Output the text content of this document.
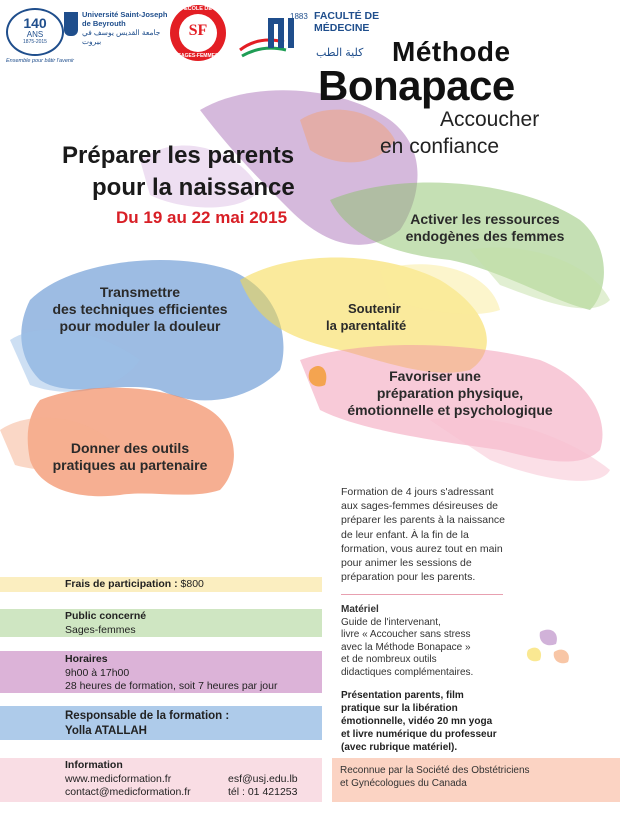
140
ANS
1875-2015
Université Saint-Joseph
de Beyrouth
جامعة القديس يوسف في بيروت
Ensemble pour bâtir l'avenir
ÉCOLE DE
SF
SAGES-FEMMES
1883 FACULTÉ DE
MÉDECINE
كلية الطب Méthode
Bonapace
Accoucher
en confiance
Préparer les parents
pour la naissance
Du 19 au 22 mai 2015	Activer les ressources
endogènes des femmes
Transmettre
des techniques efficientes
pour moduler la douleur
Soutenir
la parentalité
Favoriser une
préparation physique,
émotionnelle et psychologique
Donner des outils
pratiques au partenaire
Formation de 4 jours s'adressant
aux sages-femmes désireuses de
préparer les parents à la naissance
de leur enfant. À la fin de la
formation, vous aurez tout en main
pour animer les sessions de
préparation pour les parents.
Frais de participation : $800
Public concerné
Sages-femmes
Horaires
9h00 à 17h00
28 heures de formation, soit 7 heures par jour
Responsable de la formation :
Yolla ATALLAH
Information
www.medicformation.fr	esf@usj.edu.lb
contact@medicformation.fr	tél : 01 421253
Reconnue par la Société des Obstétriciens
et Gynécologues du Canada
Matériel
Guide de l'intervenant,
livre « Accoucher sans stress
avec la Méthode Bonapace »
et de nombreux outils
didactiques complémentaires.
Présentation parents, film
pratique sur la libération
émotionnelle, vidéo 20 mn yoga
et livre numérique du professeur
(avec rubrique matériel).
